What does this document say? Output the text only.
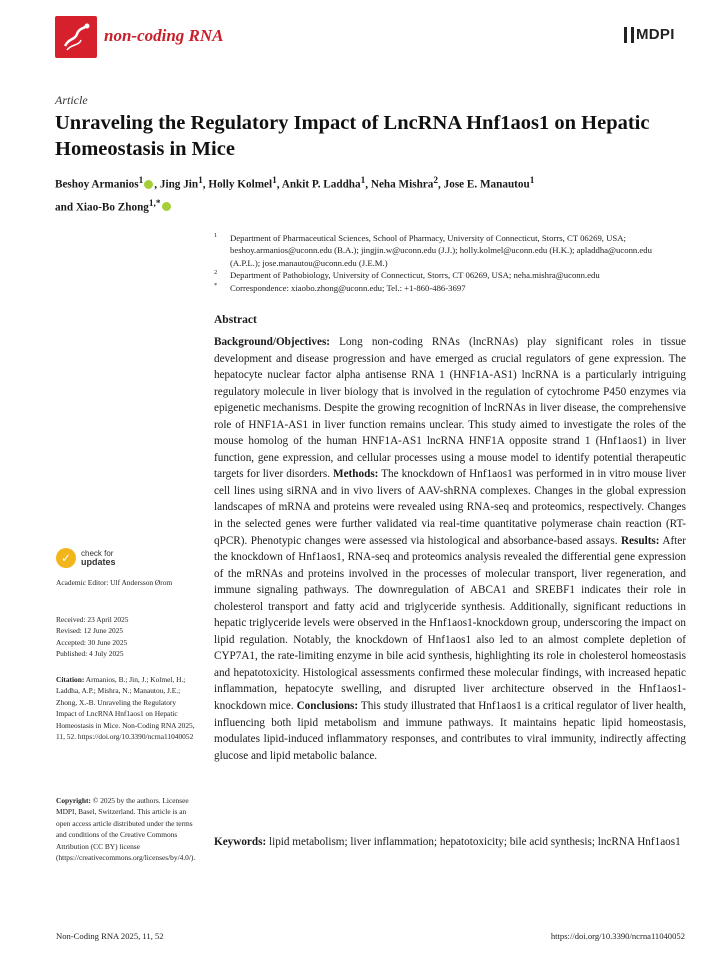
non-coding RNA	MDPI
Article
Unraveling the Regulatory Impact of LncRNA Hnf1aos1 on Hepatic Homeostasis in Mice
Beshoy Armanios$^1$ , Jing Jin$^1$, Holly Kolmel$^1$, Ankit P. Laddha$^1$, Neha Mishra$^2$, Jose E. Manautou$^1$
and Xiao-Bo Zhong$^{1,*}$
1 Department of Pharmaceutical Sciences, School of Pharmacy, University of Connecticut, Storrs, CT 06269, USA; beshoy.armanios@uconn.edu (B.A.); jingjin.w@uconn.edu (J.J.); holly.kolmel@uconn.edu (H.K.); apladdha@uconn.edu (A.P.L.); jose.manautou@uconn.edu (J.E.M.)
2 Department of Pathobiology, University of Connecticut, Storrs, CT 06269, USA; neha.mishra@uconn.edu
* Correspondence: xiaobo.zhong@uconn.edu; Tel.: +1-860-486-3697
Abstract
Background/Objectives: Long non-coding RNAs (lncRNAs) play significant roles in tissue development and disease progression and have emerged as crucial regulators of gene expression. The hepatocyte nuclear factor alpha antisense RNA 1 (HNF1A-AS1) lncRNA is a particularly intriguing regulatory molecule in liver biology that is involved in the regulation of cytochrome P450 enzymes via epigenetic mechanisms. Despite the growing recognition of lncRNAs in liver disease, the comprehensive role of HNF1A-AS1 in liver function remains unclear. This study aimed to investigate the roles of the mouse homolog of the human HNF1A-AS1 lncRNA HNF1A opposite strand 1 (Hnf1aos1) in liver function, gene expression, and cellular processes using a mouse model to identify potential therapeutic targets for liver disorders. Methods: The knockdown of Hnf1aos1 was performed in in vitro mouse liver cell lines using siRNA and in vivo livers of AAV-shRNA complexes. Changes in the global expression landscapes of mRNA and proteins were revealed using RNA-seq and proteomics, respectively. Changes in the selected genes were further validated via real-time quantitative polymerase chain reaction (RT-qPCR). Phenotypic changes were assessed via histological and absorbance-based assays. Results: After the knockdown of Hnf1aos1, RNA-seq and proteomics analysis revealed the differential gene expression of the mRNAs and proteins involved in the processes of molecular transport, liver regeneration, and immune signaling pathways. The downregulation of ABCA1 and SREBF1 indicates their role in cholesterol transport and fatty acid and triglyceride synthesis. Additionally, significant reductions in hepatic triglyceride levels were observed in the Hnf1aos1-knockdown group, underscoring the impact on lipid regulation. Notably, the knockdown of Hnf1aos1 also led to an almost complete depletion of CYP7A1, the rate-limiting enzyme in bile acid synthesis, highlighting its role in cholesterol homeostasis and hepatotoxicity. Histological assessments confirmed these molecular findings, with increased hepatic inflammation, hepatocyte swelling, and disrupted liver architecture observed in the Hnf1aos1-knockdown mice. Conclusions: This study illustrated that Hnf1aos1 is a critical regulator of liver health, influencing both lipid metabolism and immune pathways. It maintains hepatic lipid homeostasis, modulates lipid-induced inflammatory responses, and contributes to viral immunity, indirectly affecting glucose and lipid metabolic balance.
Keywords: lipid metabolism; liver inflammation; hepatotoxicity; bile acid synthesis; lncRNA Hnf1aos1
✓	check for
updates
Academic Editor: Ulf Andersson Ørom
Received: 23 April 2025
Revised: 12 June 2025
Accepted: 30 June 2025
Published: 4 July 2025
Citation: Armanios, B.; Jin, J.; Kolmel, H.; Laddha, A.P.; Mishra, N.; Manautou, J.E.; Zhong, X.-B. Unraveling the Regulatory Impact of LncRNA Hnf1aos1 on Hepatic Homeostasis in Mice. Non-Coding RNA 2025, 11, 52. https://doi.org/10.3390/ncrna11040052
Copyright: © 2025 by the authors. Licensee MDPI, Basel, Switzerland. This article is an open access article distributed under the terms and conditions of the Creative Commons Attribution (CC BY) license (https://creativecommons.org/licenses/by/4.0/).
Non-Coding RNA 2025, 11, 52	https://doi.org/10.3390/ncrna11040052
